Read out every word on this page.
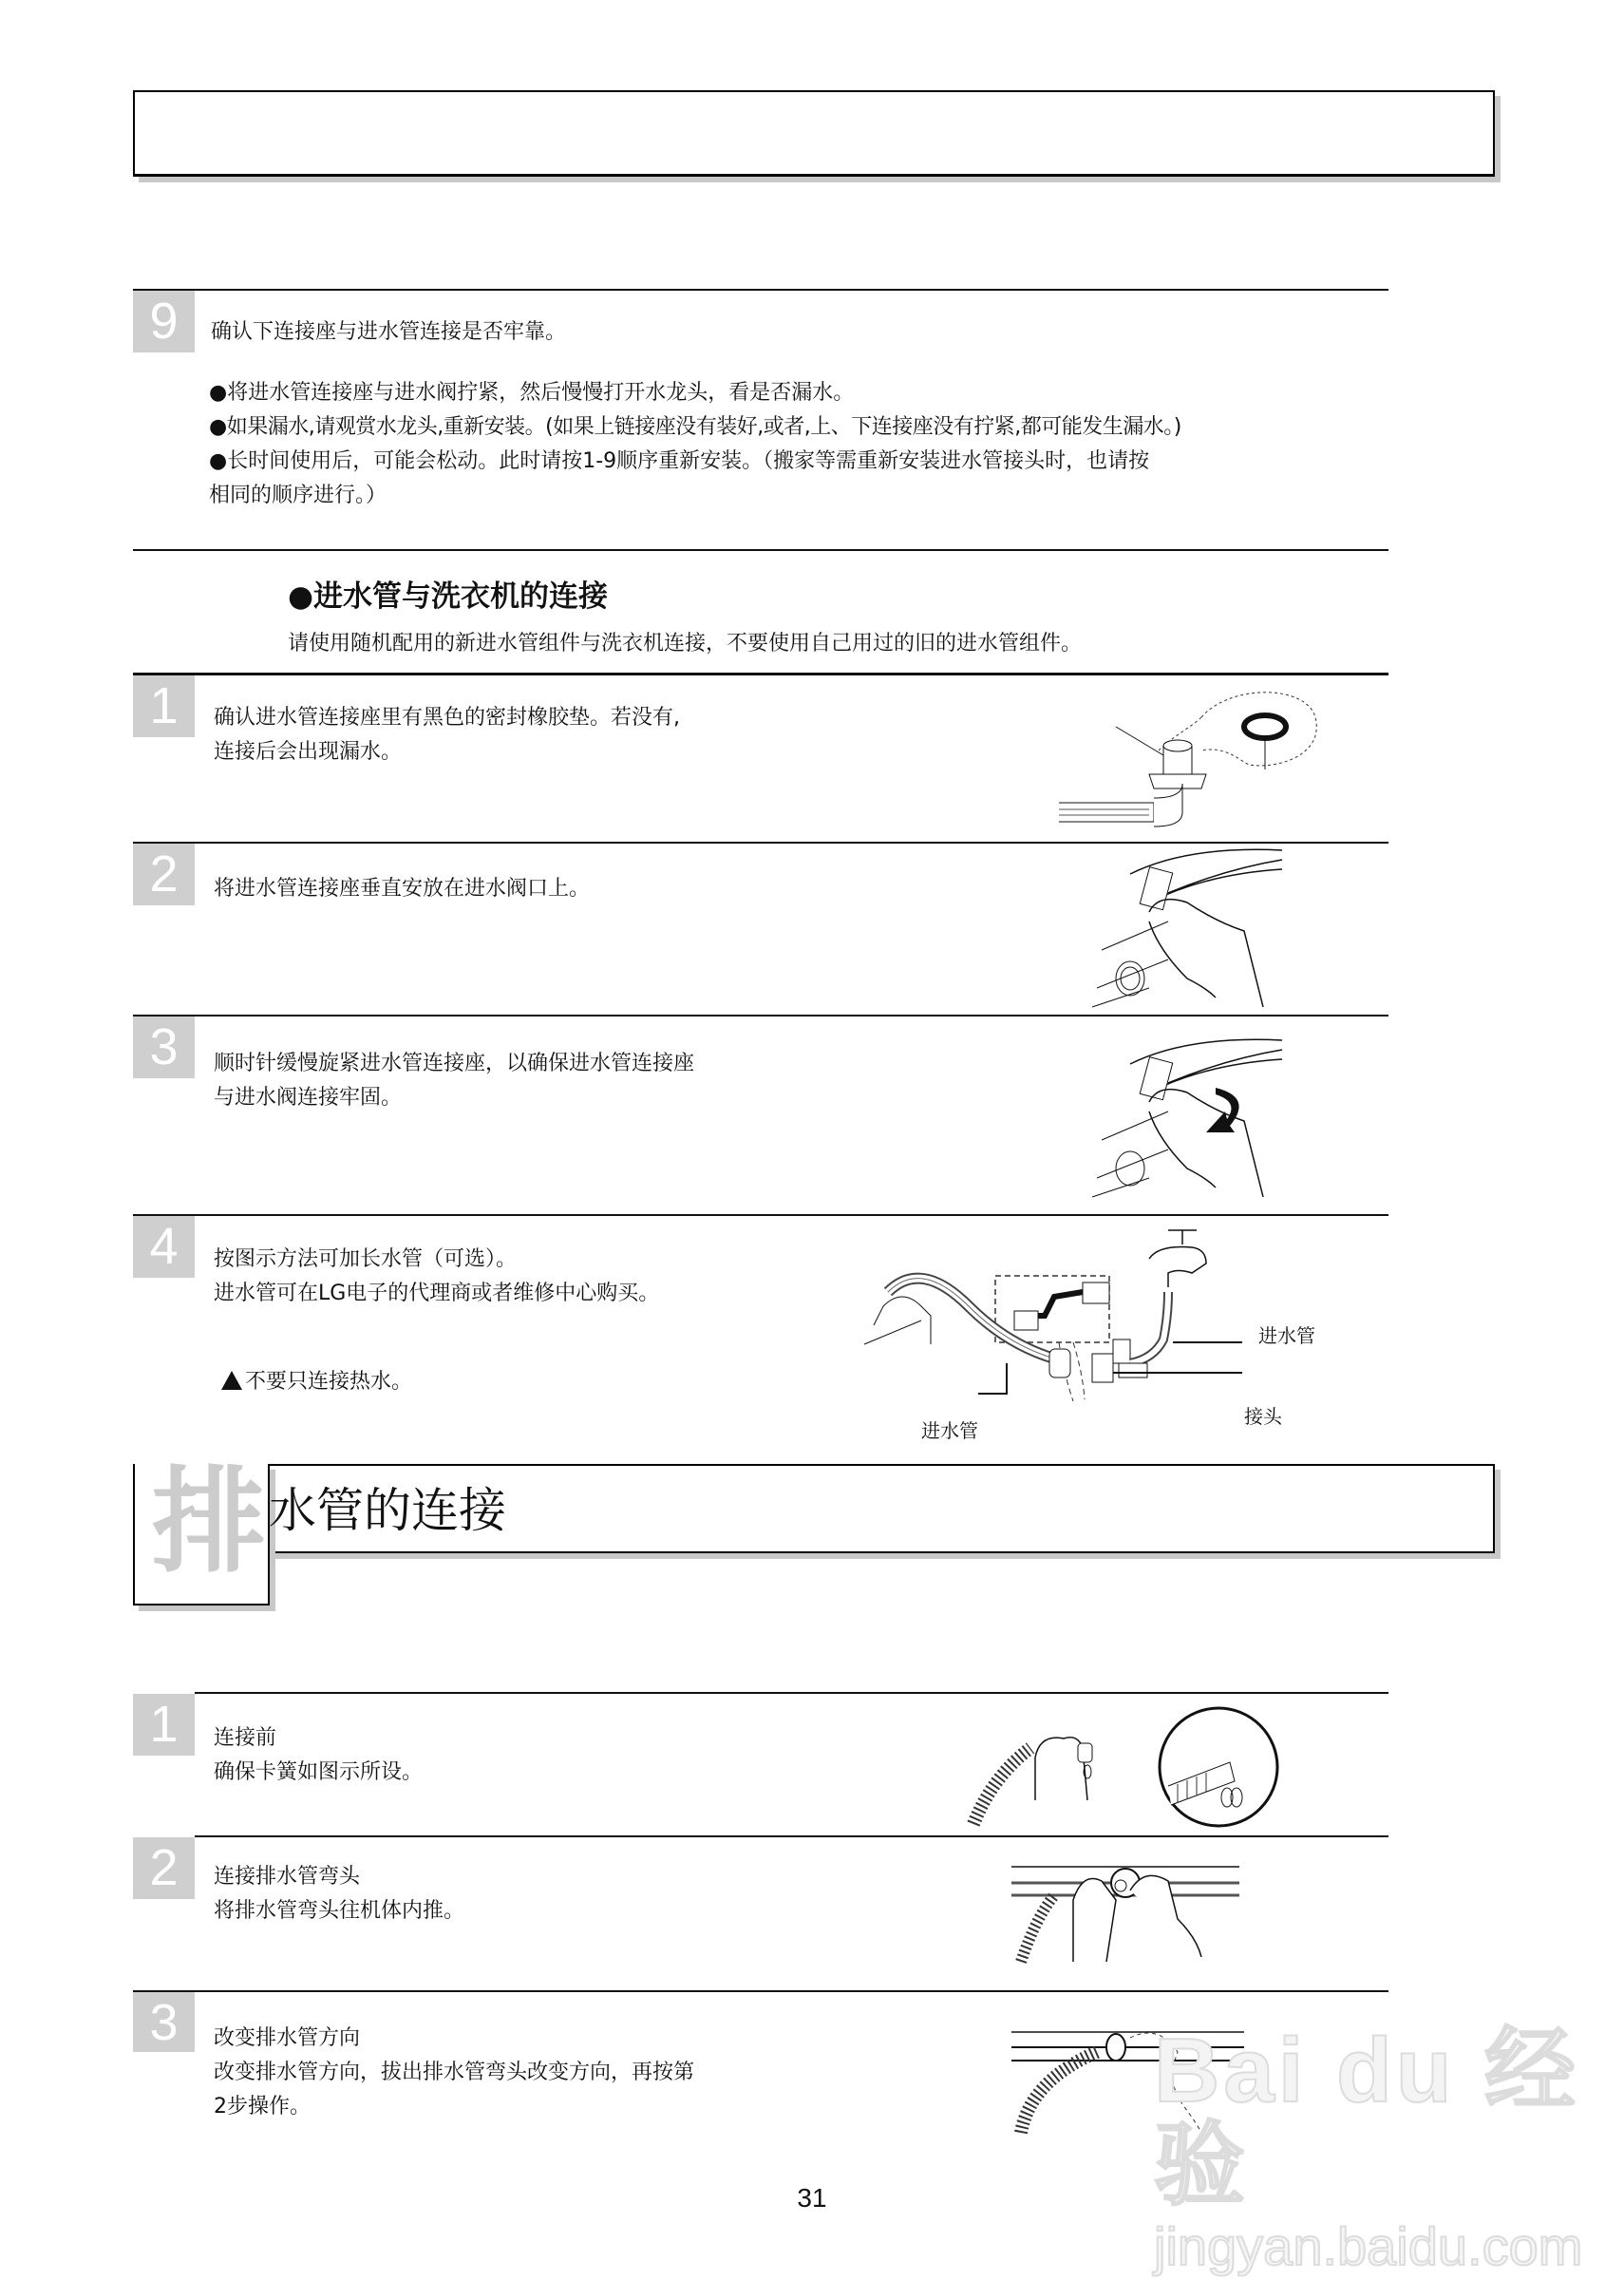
9	确认下连接座与进水管连接是否牢靠。
●将进水管连接座与进水阀拧紧，然后慢慢打开水龙头，看是否漏水。
●如果漏水,请观赏水龙头,重新安装。(如果上链接座没有装好,或者,上、下连接座没有拧紧,都可能发生漏水。)
●长时间使用后，可能会松动。此时请按1-9顺序重新安装。（搬家等需重新安装进水管接头时，也请按
相同的顺序进行。）
●进水管与洗衣机的连接
请使用随机配用的新进水管组件与洗衣机连接，不要使用自己用过的旧的进水管组件。
1	确认进水管连接座里有黑色的密封橡胶垫。若没有,
连接后会出现漏水。
2	将进水管连接座垂直安放在进水阀口上。
3	顺时针缓慢旋紧进水管连接座，以确保进水管连接座
与进水阀连接牢固。
4	按图示方法可加长水管（可选）。
进水管可在LG电子的代理商或者维修中心购买。
不要只连接热水。
进水管
接头
进水管
排 水管的连接
1	连接前
确保卡簧如图示所设。
2	连接排水管弯头
将排水管弯头往机体内推。
3	改变排水管方向
改变排水管方向，拔出排水管弯头改变方向，再按第
2步操作。	Bai du 经验
jingyan.baidu.com
31
